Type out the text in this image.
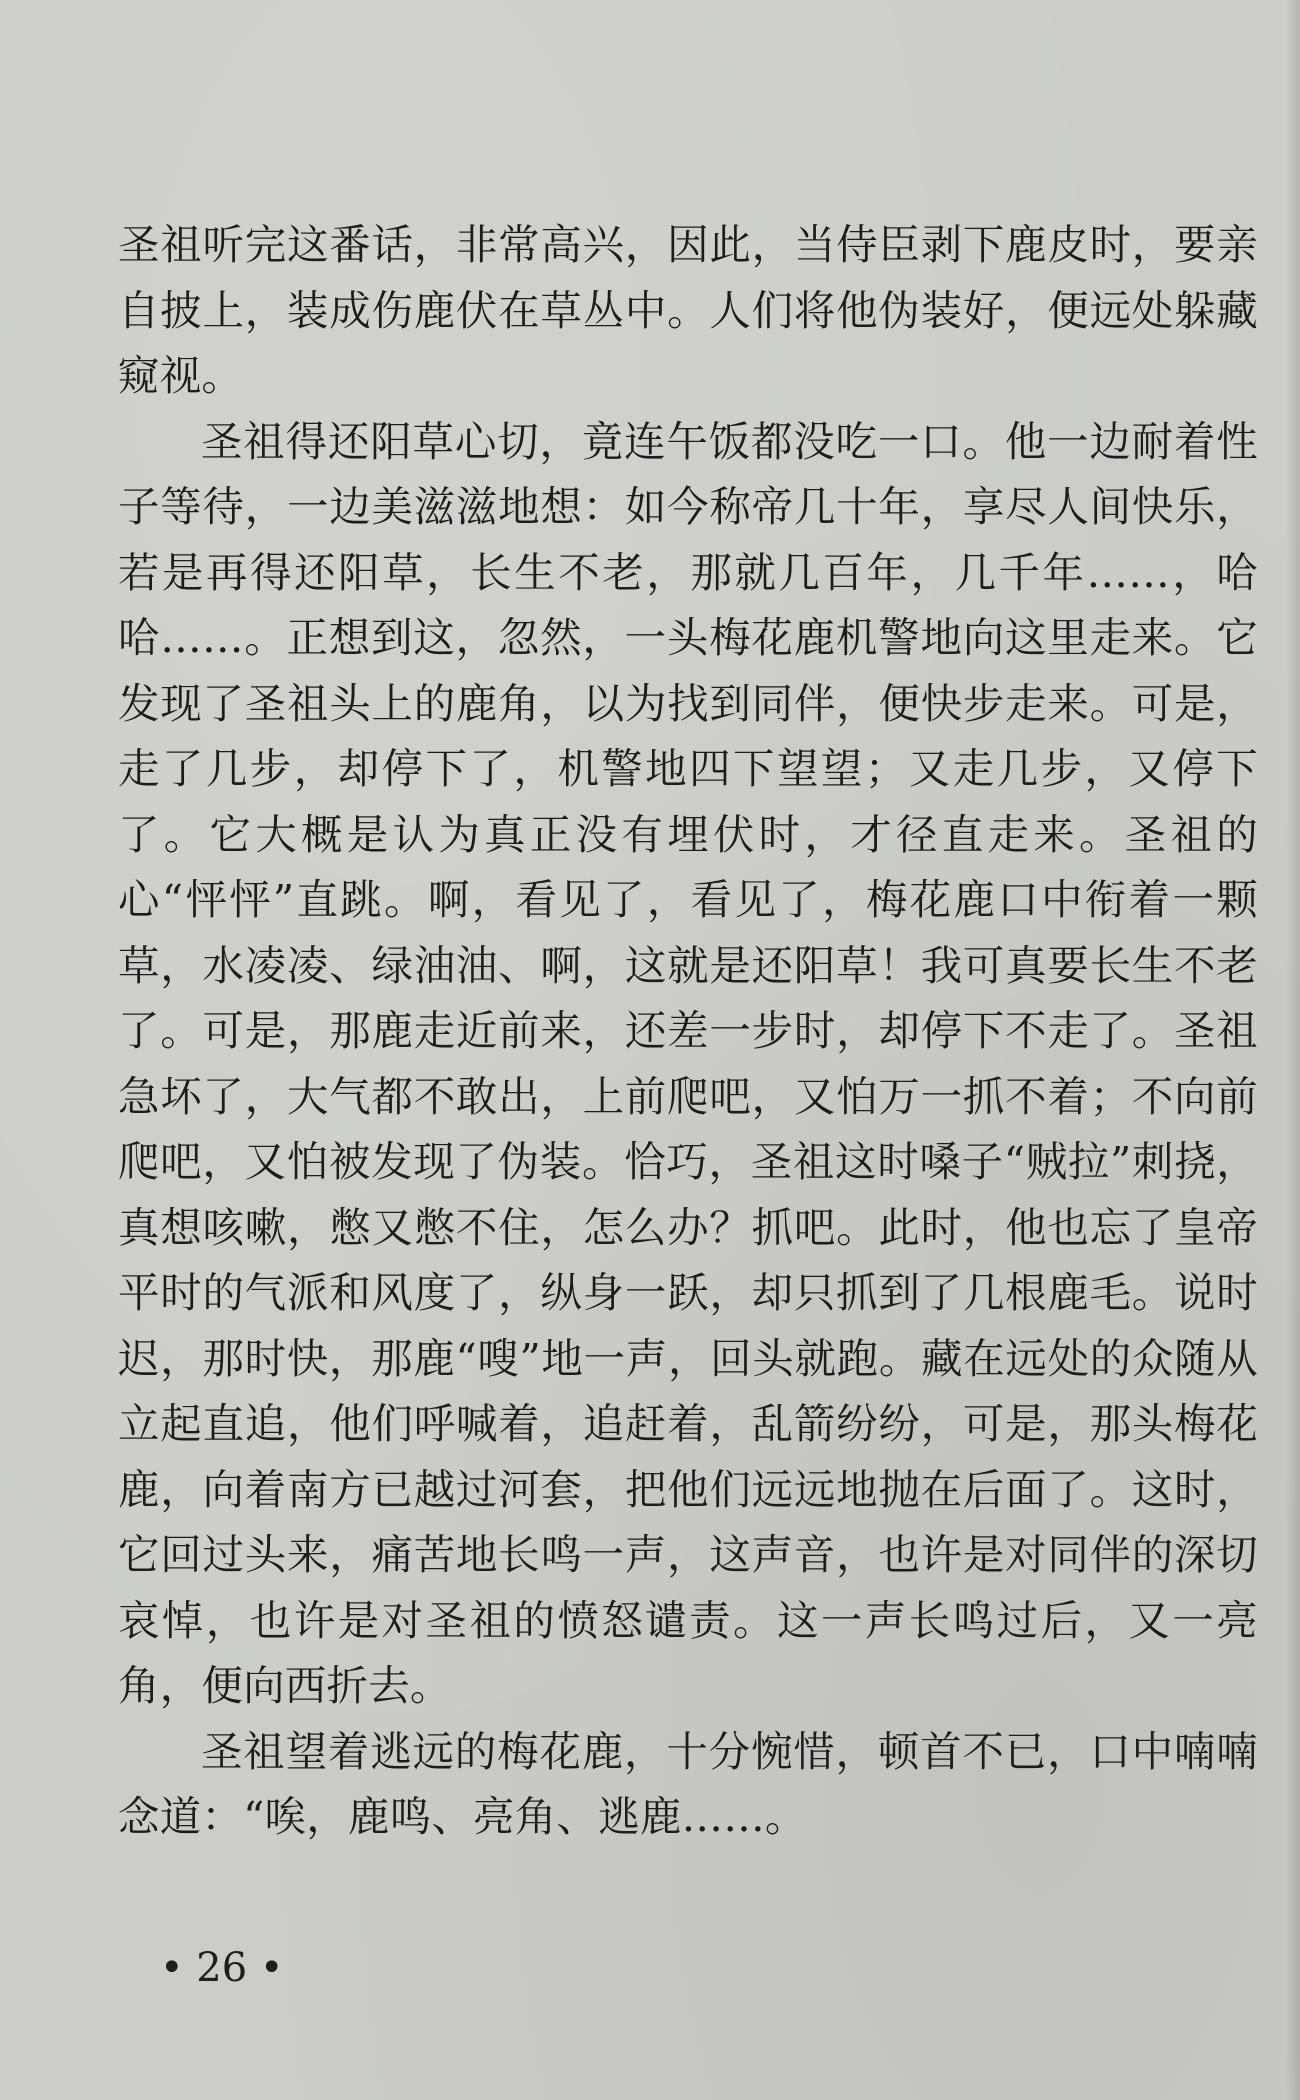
圣祖听完这番话，非常高兴，因此，当侍臣剥下鹿皮时，要亲自披上，装成伤鹿伏在草丛中。人们将他伪装好，便远处躲藏窥视。

圣祖得还阳草心切，竟连午饭都没吃一口。他一边耐着性子等待，一边美滋滋地想：如今称帝几十年，享尽人间快乐，若是再得还阳草，长生不老，那就几百年，几千年……，哈哈……。正想到这，忽然，一头梅花鹿机警地向这里走来。它发现了圣祖头上的鹿角，以为找到同伴，便快步走来。可是，走了几步，却停下了，机警地四下望望；又走几步，又停下了。它大概是认为真正没有埋伏时，才径直走来。圣祖的心“怦怦”直跳。啊，看见了，看见了，梅花鹿口中衔着一颗草，水凌凌、绿油油、啊，这就是还阳草！我可真要长生不老了。可是，那鹿走近前来，还差一步时，却停下不走了。圣祖急坏了，大气都不敢出，上前爬吧，又怕万一抓不着；不向前爬吧，又怕被发现了伪装。恰巧，圣祖这时嗓子“贼拉”刺挠，真想咳嗽，憋又憋不住，怎么办？抓吧。此时，他也忘了皇帝平时的气派和风度了，纵身一跃，却只抓到了几根鹿毛。说时迟，那时快，那鹿“嗖”地一声，回头就跑。藏在远处的众随从立起直追，他们呼喊着，追赶着，乱箭纷纷，可是，那头梅花鹿，向着南方已越过河套，把他们远远地抛在后面了。这时，它回过头来，痛苦地长鸣一声，这声音，也许是对同伴的深切哀悼，也许是对圣祖的愤怒谴责。这一声长鸣过后，又一亮角，便向西折去。

圣祖望着逃远的梅花鹿，十分惋惜，顿首不已，口中喃喃念道：“唉，鹿鸣、亮角、逃鹿……。

• 26 •
